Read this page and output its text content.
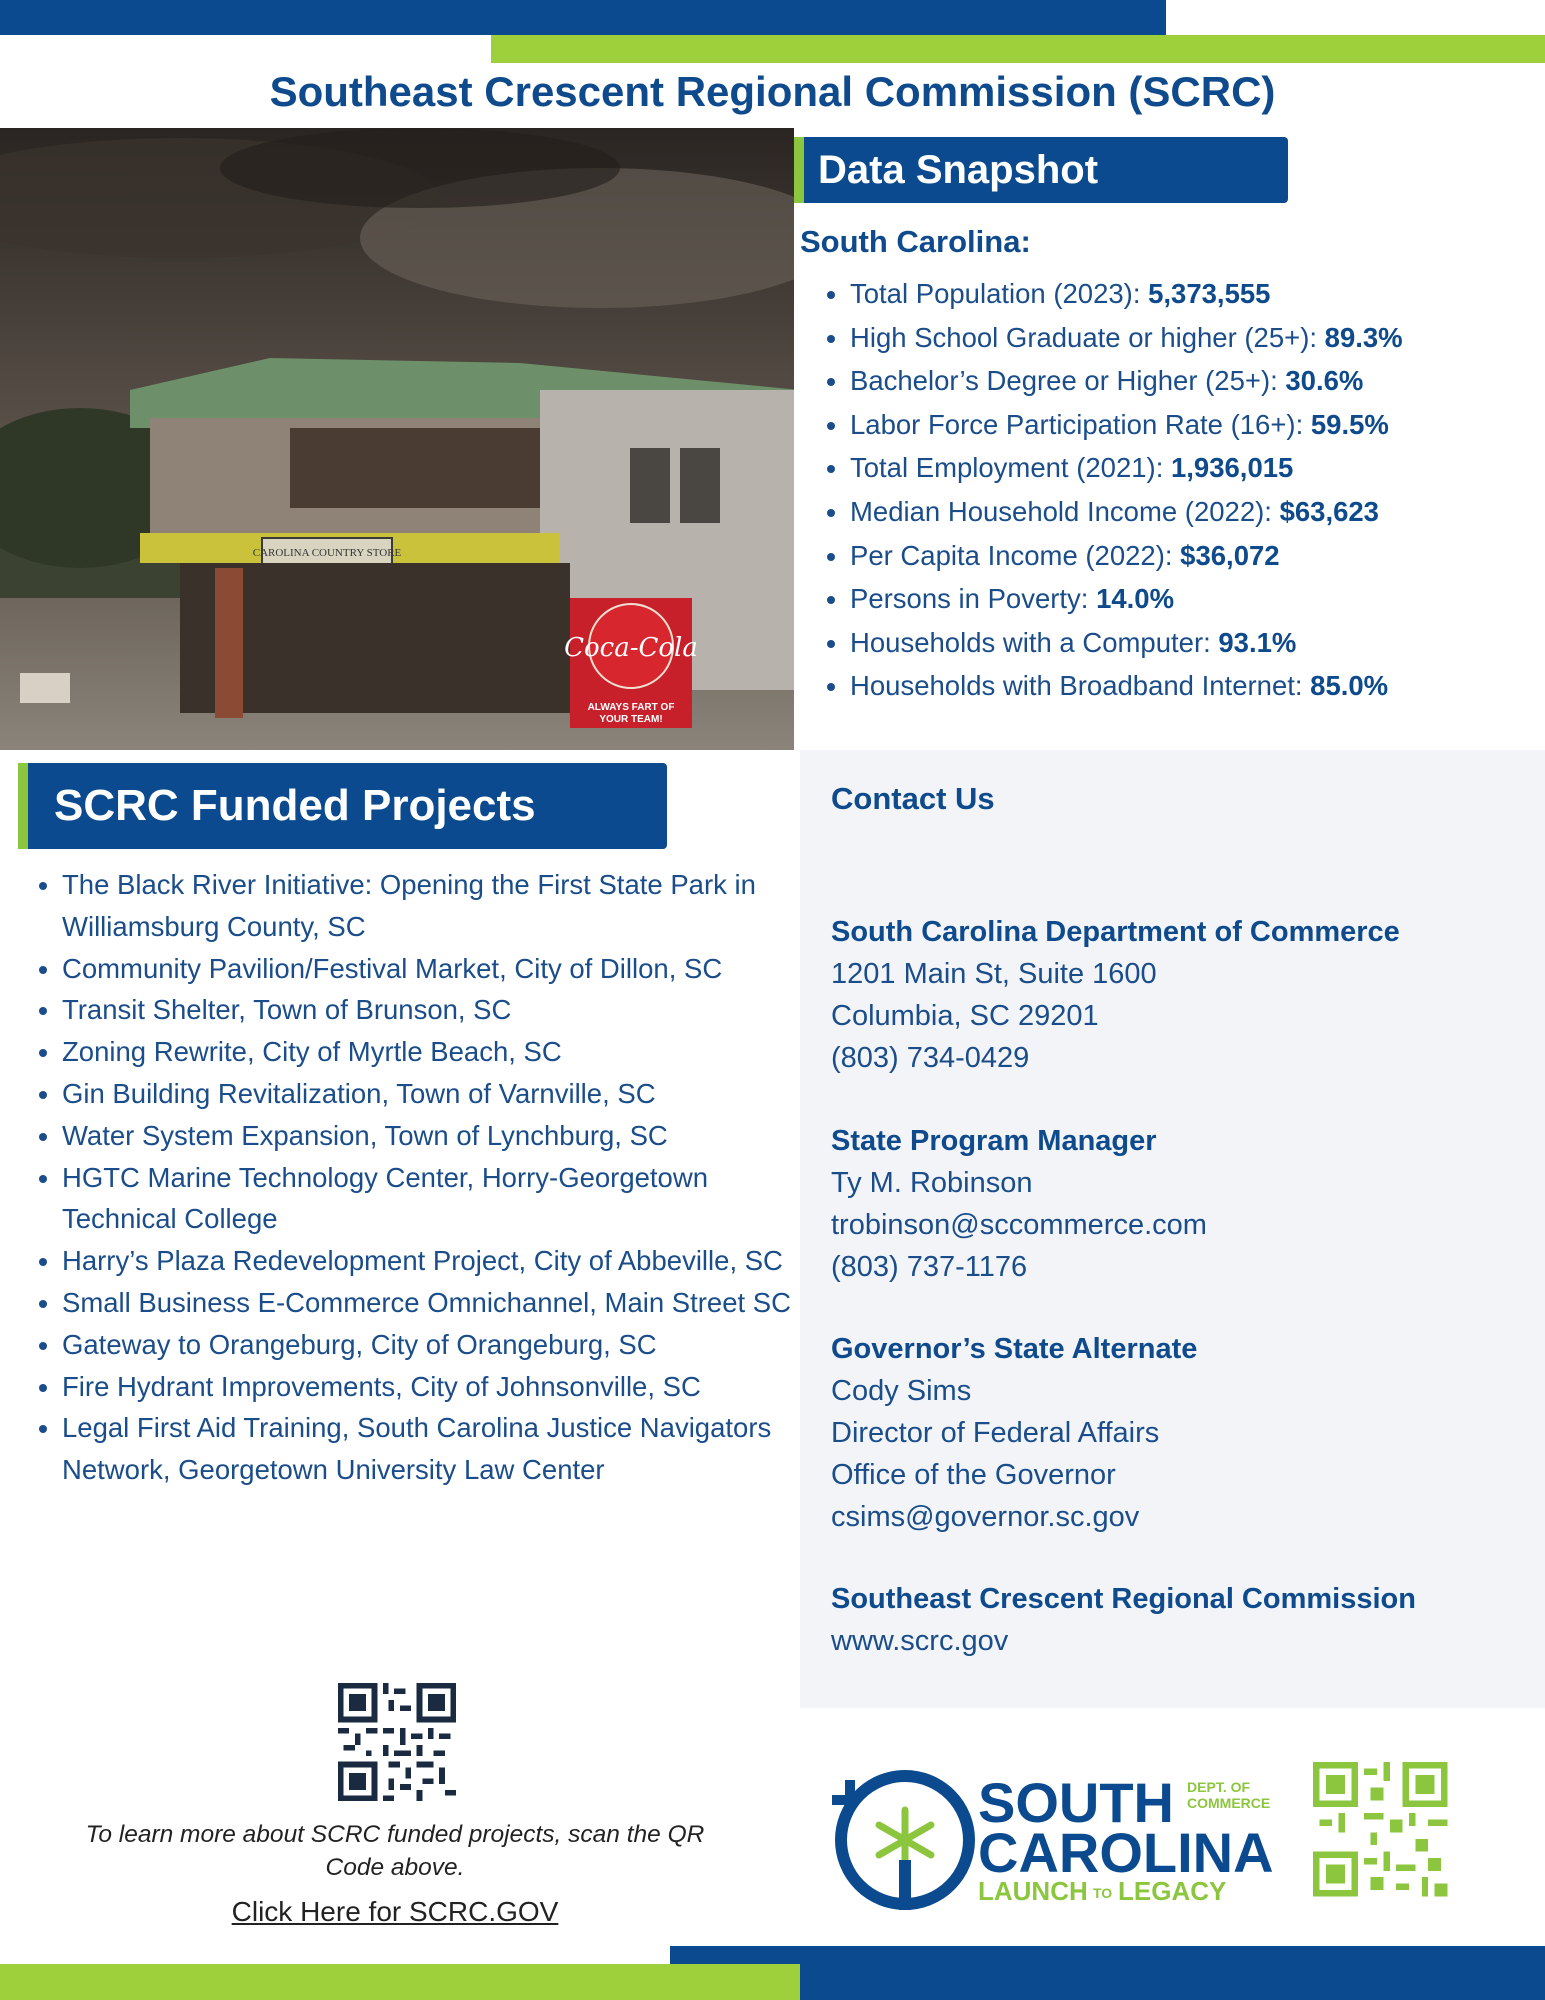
Southeast Crescent Regional Commission (SCRC)
CAROLINA COUNTRY STORE
Coca-Cola
ALWAYS FART OF
YOUR TEAM!
Data Snapshot
South Carolina:
• Total Population (2023): 5,373,555
• High School Graduate or higher (25+): 89.3%
• Bachelor’s Degree or Higher (25+): 30.6%
• Labor Force Participation Rate (16+): 59.5%
• Total Employment (2021): 1,936,015
• Median Household Income (2022): $63,623
• Per Capita Income (2022): $36,072
• Persons in Poverty: 14.0%
• Households with a Computer: 93.1%
• Households with Broadband Internet: 85.0%
Contact Us
South Carolina Department of Commerce
1201 Main St, Suite 1600
Columbia, SC 29201
(803) 734-0429
State Program Manager
Ty M. Robinson
trobinson@sccommerce.com
(803) 737-1176
Governor’s State Alternate
Cody Sims
Director of Federal Affairs
Office of the Governor
csims@governor.sc.gov
Southeast Crescent Regional Commission
www.scrc.gov
SCRC Funded Projects
• The Black River Initiative: Opening the First State Park in Williamsburg County, SC
• Community Pavilion/Festival Market, City of Dillon, SC
• Transit Shelter, Town of Brunson, SC
• Zoning Rewrite, City of Myrtle Beach, SC
• Gin Building Revitalization, Town of Varnville, SC
• Water System Expansion, Town of Lynchburg, SC
• HGTC Marine Technology Center, Horry-Georgetown Technical College
• Harry’s Plaza Redevelopment Project, City of Abbeville, SC
• Small Business E-Commerce Omnichannel, Main Street SC
• Gateway to Orangeburg, City of Orangeburg, SC
• Fire Hydrant Improvements, City of Johnsonville, SC
• Legal First Aid Training, South Carolina Justice Navigators Network, Georgetown University Law Center
To learn more about SCRC funded projects, scan the QR Code above.
Click Here for SCRC.GOV
SOUTH DEPT. OF
COMMERCE
CAROLINA
LAUNCH TO LEGACY
